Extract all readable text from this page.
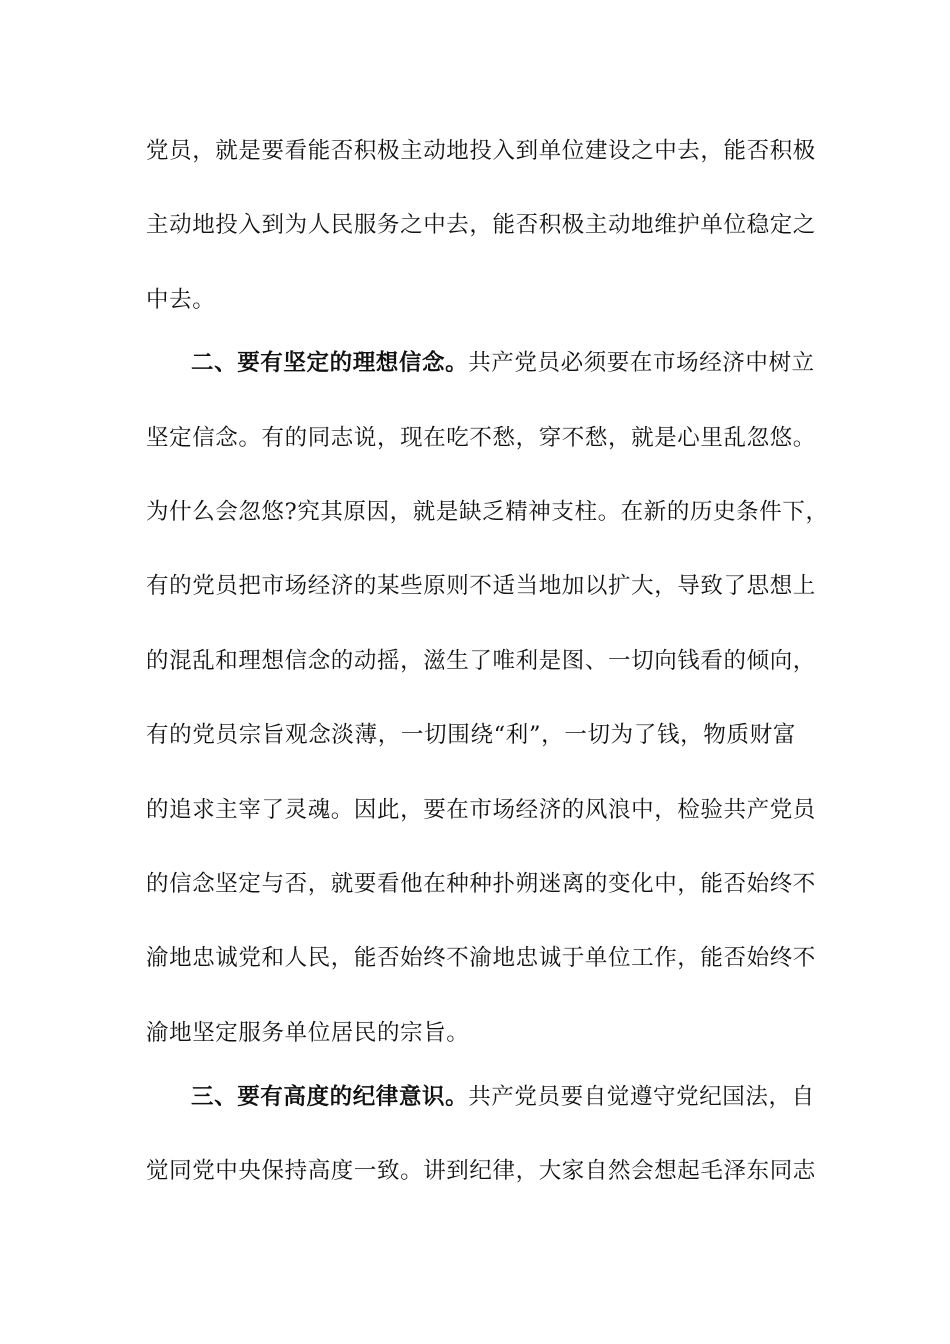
党员，就是要看能否积极主动地投入到单位建设之中去，能否积极
主动地投入到为人民服务之中去，能否积极主动地维护单位稳定之
中去。
二、要有坚定的理想信念。共产党员必须要在市场经济中树立
坚定信念。有的同志说，现在吃不愁，穿不愁，就是心里乱忽悠。
为什么会忽悠?究其原因，就是缺乏精神支柱。在新的历史条件下，
有的党员把市场经济的某些原则不适当地加以扩大，导致了思想上
的混乱和理想信念的动摇，滋生了唯利是图、一切向钱看的倾向，
有的党员宗旨观念淡薄，一切围绕“利”，一切为了钱，物质财富
的追求主宰了灵魂。因此，要在市场经济的风浪中，检验共产党员
的信念坚定与否，就要看他在种种扑朔迷离的变化中，能否始终不
渝地忠诚党和人民，能否始终不渝地忠诚于单位工作，能否始终不
渝地坚定服务单位居民的宗旨。
三、要有高度的纪律意识。共产党员要自觉遵守党纪国法，自
觉同党中央保持高度一致。讲到纪律，大家自然会想起毛泽东同志
